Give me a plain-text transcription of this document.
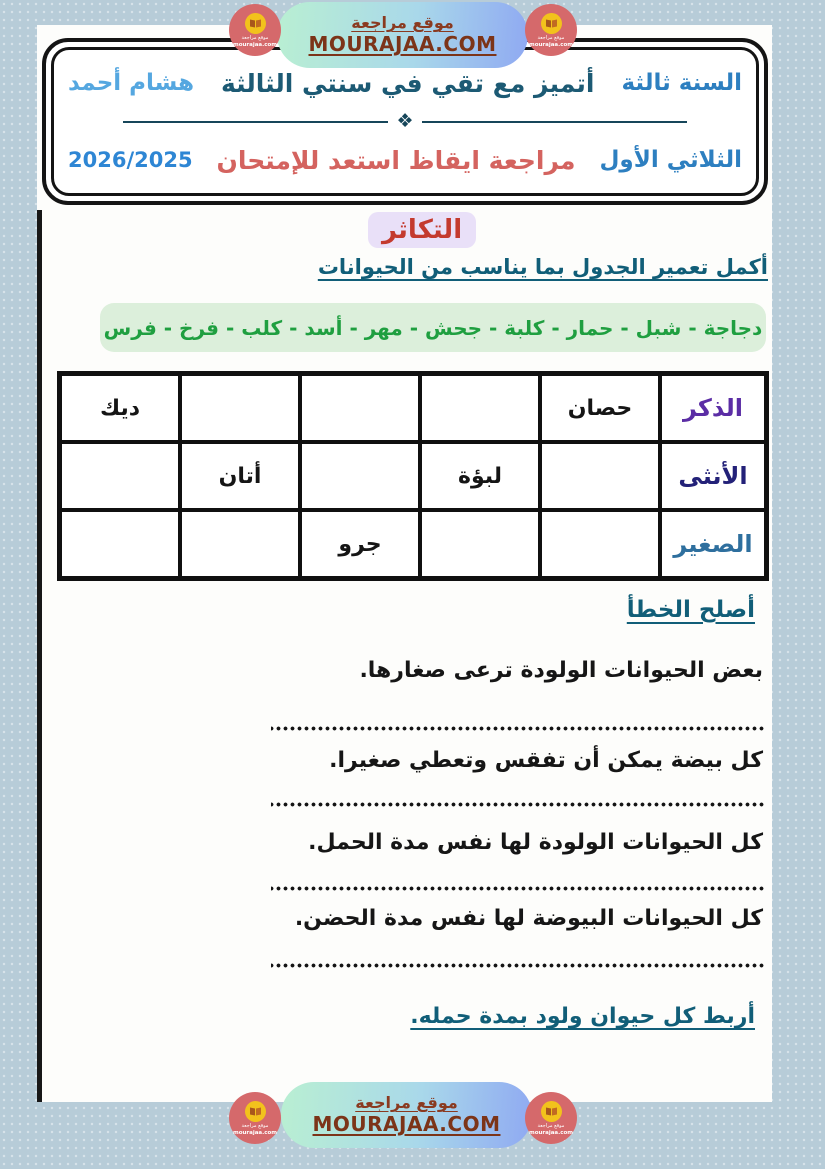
موقع مراجعة
mourajaa.com
موقع مراجعة
MOURAJAA.COM	موقع مراجعة
mourajaa.com
السنة ثالثة
أتميز مع تقي في سنتي الثالثة
هشام أحمد
❖
الثلاثي الأول
مراجعة ايقاظ استعد للإمتحان
2026/2025
التكاثر
أكمل تعمير الجدول بما يناسب من الحيوانات
دجاجة - شبل - حمار - كلبة - جحش - مهر - أسد - كلب - فرخ - فرس
الذكر
حصان
ديك
الأنثى
لبؤة
أتان
الصغير
جرو
أصلح الخطأ
بعض الحيوانات الولودة ترعى صغارها.
كل بيضة يمكن أن تفقس وتعطي صغيرا.
كل الحيوانات الولودة لها نفس مدة الحمل.
كل الحيوانات البيوضة لها نفس مدة الحضن.
أربط كل حيوان ولود بمدة حمله.
موقع مراجعة
mourajaa.com
موقع مراجعة
MOURAJAA.COM	موقع مراجعة
mourajaa.com
